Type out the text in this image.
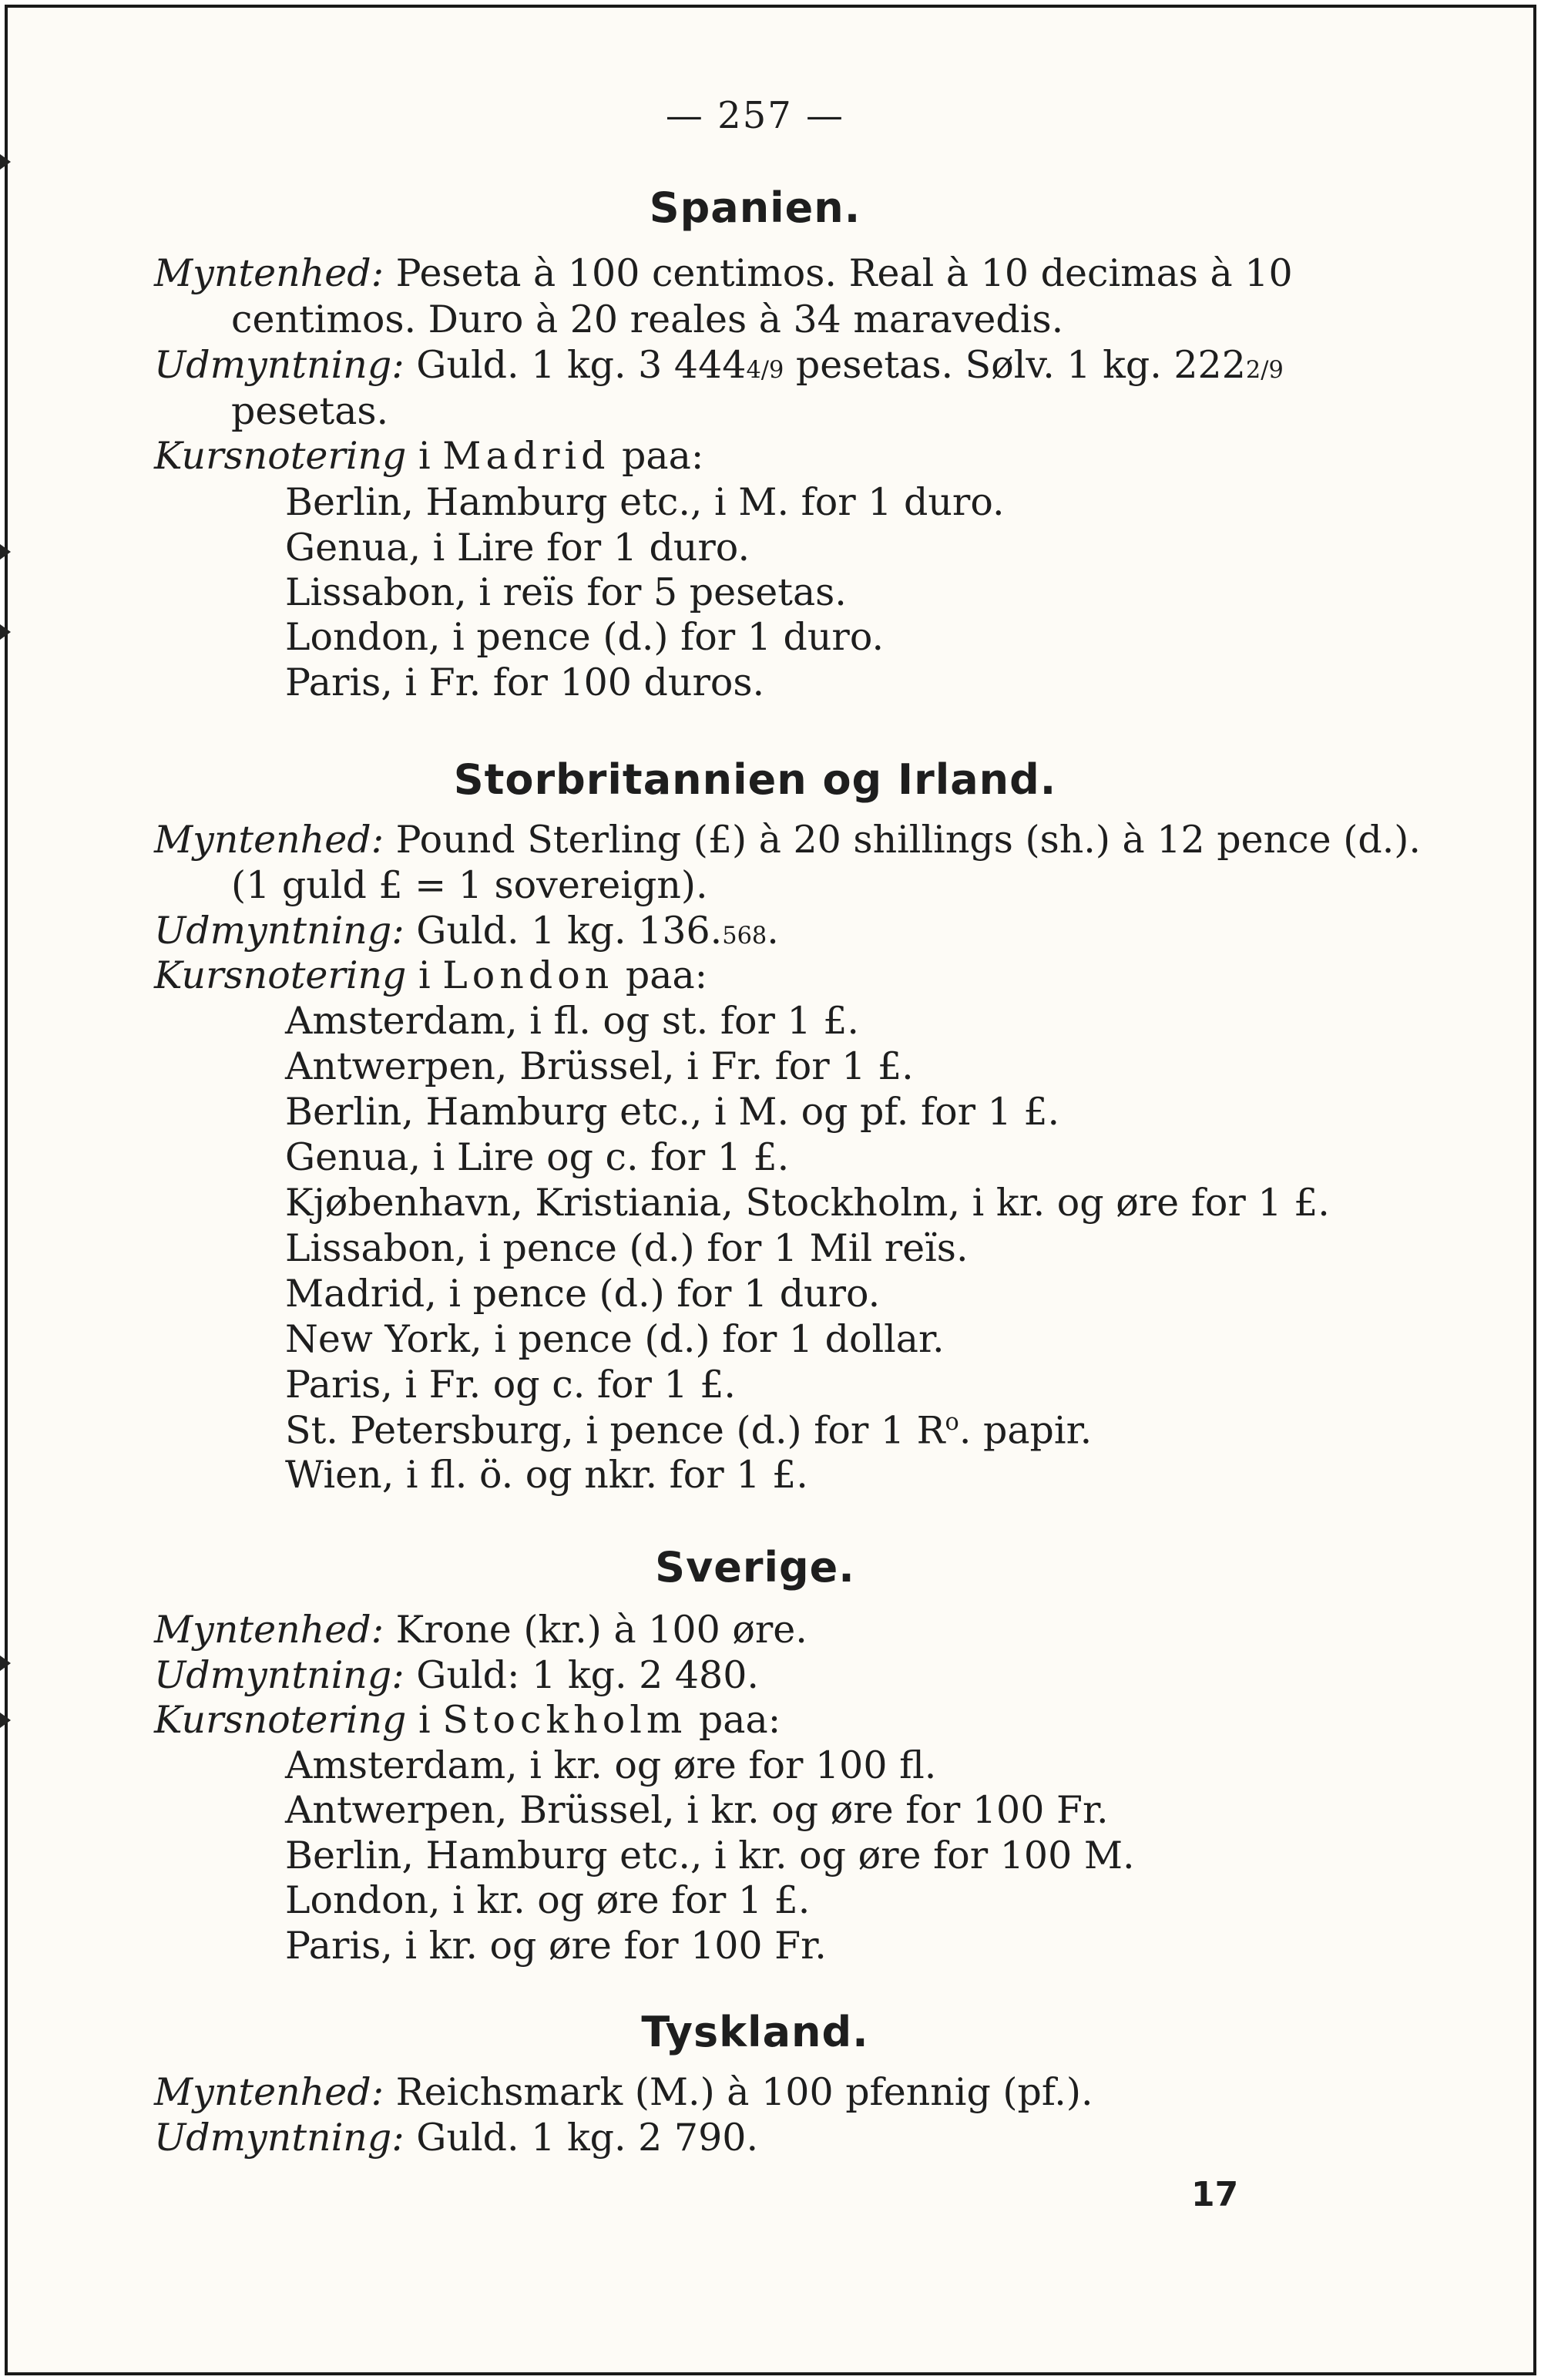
— 257 —
Spanien.
Myntenhed: Peseta à 100 centimos. Real à 10 decimas à 10
centimos. Duro à 20 reales à 34 maravedis.
Udmyntning: Guld. 1 kg. 3 4444/9 pesetas. Sølv. 1 kg. 2222/9
pesetas.
Kursnotering i Madrid paa:
Berlin, Hamburg etc., i M. for 1 duro.
Genua, i Lire for 1 duro.
Lissabon, i reïs for 5 pesetas.
London, i pence (d.) for 1 duro.
Paris, i Fr. for 100 duros.
Storbritannien og Irland.
Myntenhed: Pound Sterling (£) à 20 shillings (sh.) à 12 pence (d.).
(1 guld £ = 1 sovereign).
Udmyntning: Guld. 1 kg. 136.568.
Kursnotering i London paa:
Amsterdam, i fl. og st. for 1 £.
Antwerpen, Brüssel, i Fr. for 1 £.
Berlin, Hamburg etc., i M. og pf. for 1 £.
Genua, i Lire og c. for 1 £.
Kjøbenhavn, Kristiania, Stockholm, i kr. og øre for 1 £.
Lissabon, i pence (d.) for 1 Mil reïs.
Madrid, i pence (d.) for 1 duro.
New York, i pence (d.) for 1 dollar.
Paris, i Fr. og c. for 1 £.
St. Petersburg, i pence (d.) for 1 $R^o$. papir.
Wien, i fl. ö. og nkr. for 1 £.
Sverige.
Myntenhed: Krone (kr.) à 100 øre.
Udmyntning: Guld: 1 kg. 2 480.
Kursnotering i Stockholm paa:
Amsterdam, i kr. og øre for 100 fl.
Antwerpen, Brüssel, i kr. og øre for 100 Fr.
Berlin, Hamburg etc., i kr. og øre for 100 M.
London, i kr. og øre for 1 £.
Paris, i kr. og øre for 100 Fr.
Tyskland.
Myntenhed: Reichsmark (M.) à 100 pfennig (pf.).
Udmyntning: Guld. 1 kg. 2 790.
17
